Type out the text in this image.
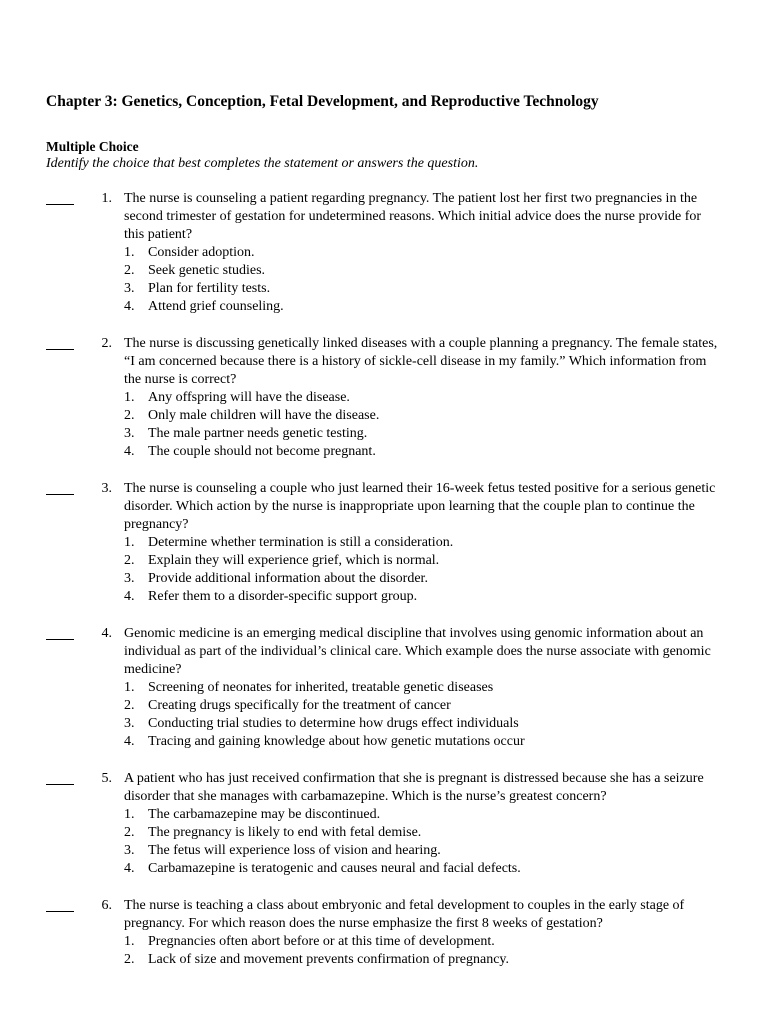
Chapter 3: Genetics, Conception, Fetal Development, and Reproductive Technology
Multiple Choice

Identify the choice that best completes the statement or answers the question.

1. The nurse is counseling a patient regarding pregnancy. The patient lost her first two pregnancies in the second trimester of gestation for undetermined reasons. Which initial advice does the nurse provide for this patient?

1. Consider adoption.
2. Seek genetic studies.
3. Plan for fertility tests.
4. Attend grief counseling.
2. The nurse is discussing genetically linked diseases with a couple planning a pregnancy. The female states, “I am concerned because there is a history of sickle-cell disease in my family.” Which information from the nurse is correct?

1. Any offspring will have the disease.
2. Only male children will have the disease.
3. The male partner needs genetic testing.
4. The couple should not become pregnant.
3. The nurse is counseling a couple who just learned their 16-week fetus tested positive for a serious genetic disorder. Which action by the nurse is inappropriate upon learning that the couple plan to continue the pregnancy?

1. Determine whether termination is still a consideration.
2. Explain they will experience grief, which is normal.
3. Provide additional information about the disorder.
4. Refer them to a disorder-specific support group.
4. Genomic medicine is an emerging medical discipline that involves using genomic information about an individual as part of the individual’s clinical care. Which example does the nurse associate with genomic medicine?

1. Screening of neonates for inherited, treatable genetic diseases
2. Creating drugs specifically for the treatment of cancer
3. Conducting trial studies to determine how drugs effect individuals
4. Tracing and gaining knowledge about how genetic mutations occur
5. A patient who has just received confirmation that she is pregnant is distressed because she has a seizure disorder that she manages with carbamazepine. Which is the nurse’s greatest concern?

1. The carbamazepine may be discontinued.
2. The pregnancy is likely to end with fetal demise.
3. The fetus will experience loss of vision and hearing.
4. Carbamazepine is teratogenic and causes neural and facial defects.
6. The nurse is teaching a class about embryonic and fetal development to couples in the early stage of pregnancy. For which reason does the nurse emphasize the first 8 weeks of gestation?

1. Pregnancies often abort before or at this time of development.
2. Lack of size and movement prevents confirmation of pregnancy.
